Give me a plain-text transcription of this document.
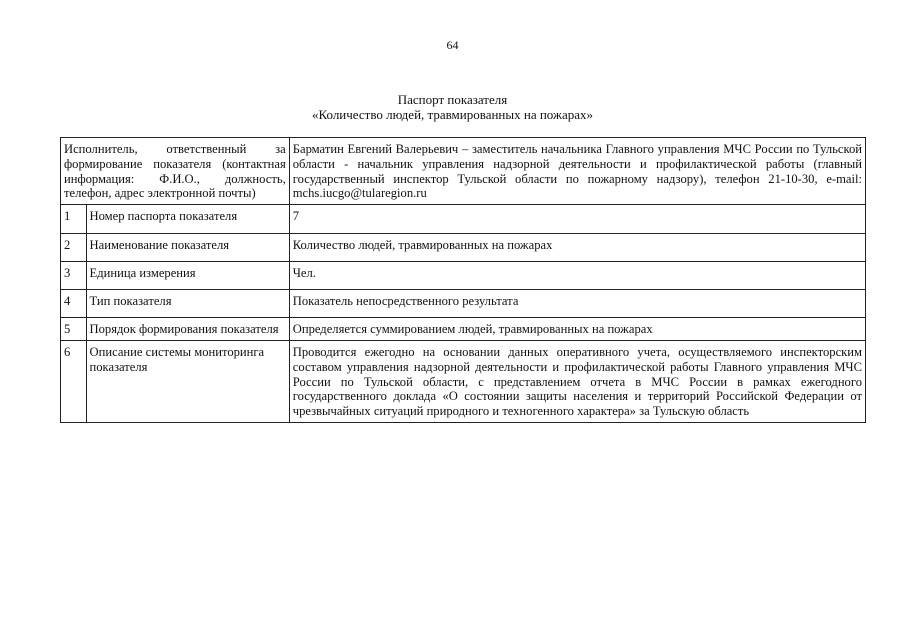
64
Паспорт показателя
«Количество людей, травмированных на пожарах»
Исполнитель, ответственный за формирование показателя (контактная информация: Ф.И.О., должность, телефон, адрес электронной почты)		Барматин Евгений Валерьевич – заместитель начальника Главного управления МЧС России по Тульской области - начальник управления надзорной деятельности и профилактической работы (главный государственный инспектор Тульской области по пожарному надзору), телефон 21-10-30, e-mail: mchs.iucgo@tularegion.ru
1	Номер паспорта показателя	7
2	Наименование показателя	Количество людей, травмированных на пожарах
3	Единица измерения	Чел.
4	Тип показателя	Показатель непосредственного результата
5	Порядок формирования показателя	Определяется суммированием людей, травмированных на пожарах
6	Описание системы мониторинга показателя	Проводится ежегодно на основании данных оперативного учета, осуществляемого инспекторским составом управления надзорной деятельности и профилактической работы Главного управления МЧС России по Тульской области, с представлением отчета в МЧС России в рамках ежегодного государственного доклада «О состоянии защиты населения и территорий Российской Федерации от чрезвычайных ситуаций природного и техногенного характера» за Тульскую область
